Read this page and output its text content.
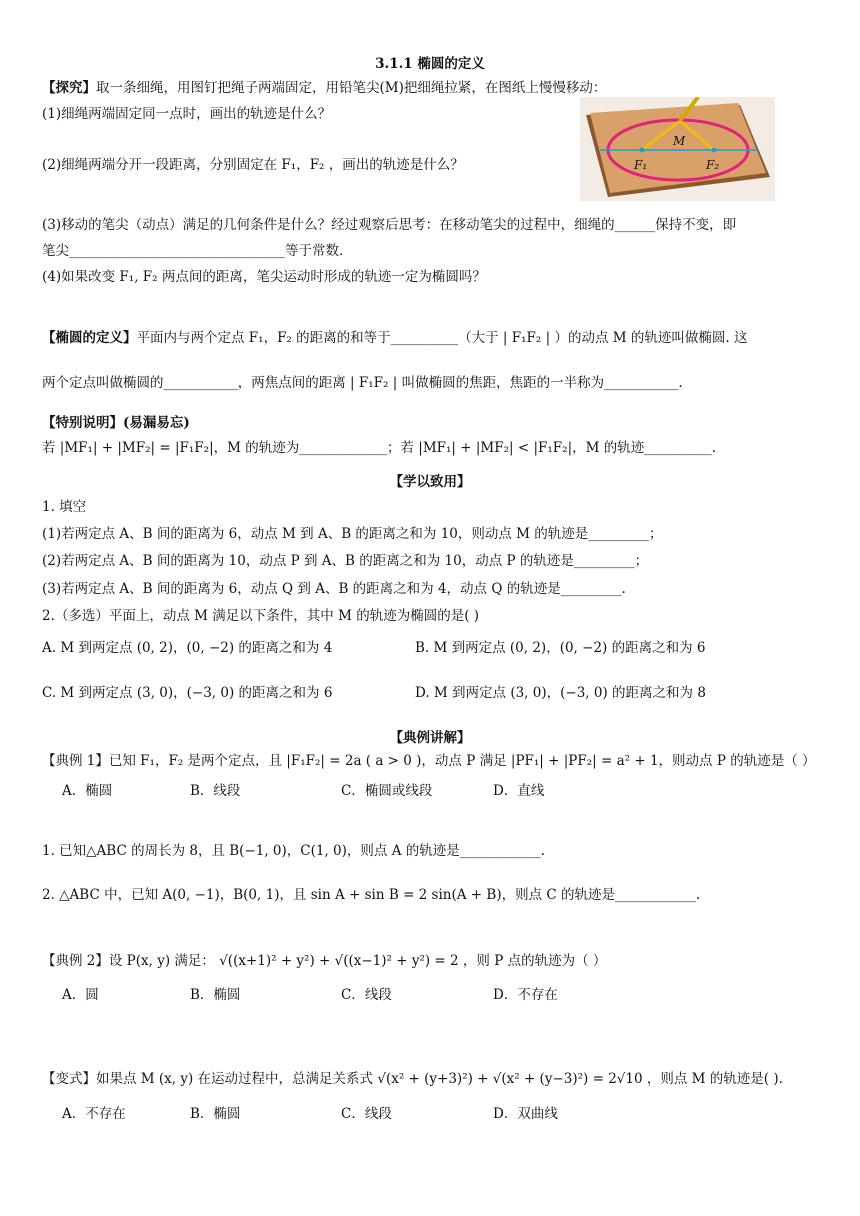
3.1.1 椭圆的定义
【探究】取一条细绳，用图钉把绳子两端固定，用铅笔尖(M)把细绳拉紧，在图纸上慢慢移动：
(1)细绳两端固定同一点时，画出的轨迹是什么？
(2)细绳两端分开一段距离，分别固定在 F₁，F₂ ，画出的轨迹是什么？
M
F₁	F₂
(3)移动的笔尖（动点）满足的几何条件是什么？经过观察后思考：在移动笔尖的过程中，细绳的______保持不变，即
笔尖________________________________等于常数．
(4)如果改变 F₁, F₂ 两点间的距离，笔尖运动时形成的轨迹一定为椭圆吗？
【椭圆的定义】平面内与两个定点 F₁，F₂ 的距离的和等于__________（大于 | F₁F₂ | ）的动点 M 的轨迹叫做椭圆. 这
两个定点叫做椭圆的___________，两焦点间的距离 | F₁F₂ | 叫做椭圆的焦距，焦距的一半称为___________.
【特别说明】(易漏易忘)
若 |MF₁| + |MF₂| = |F₁F₂|，M 的轨迹为_____________；若 |MF₁| + |MF₂| < |F₁F₂|，M 的轨迹__________.
【学以致用】
1. 填空
(1)若两定点 A、B 间的距离为 6，动点 M 到 A、B 的距离之和为 10，则动点 M 的轨迹是_________；
(2)若两定点 A、B 间的距离为 10，动点 P 到 A、B 的距离之和为 10，动点 P 的轨迹是_________；
(3)若两定点 A、B 间的距离为 6，动点 Q 到 A、B 的距离之和为 4，动点 Q 的轨迹是_________.
2.（多选）平面上，动点 M 满足以下条件，其中 M 的轨迹为椭圆的是( )
A. M 到两定点 (0, 2)，(0, −2) 的距离之和为 4	B. M 到两定点 (0, 2)，(0, −2) 的距离之和为 6
C. M 到两定点 (3, 0)，(−3, 0) 的距离之和为 6	D. M 到两定点 (3, 0)，(−3, 0) 的距离之和为 8
【典例讲解】
【典例 1】已知 F₁，F₂ 是两个定点，且 |F₁F₂| = 2a ( a > 0 )，动点 P 满足 |PF₁| + |PF₂| = a² + 1，则动点 P 的轨迹是（ ）
A．椭圆	B．线段	C．椭圆或线段	D．直线
1. 已知△ABC 的周长为 8，且 B(−1, 0)，C(1, 0)，则点 A 的轨迹是____________.
2. △ABC 中，已知 A(0, −1)，B(0, 1)，且 sin A + sin B = 2 sin(A + B)，则点 C 的轨迹是____________.
【典例 2】设 P(x, y) 满足： √((x+1)² + y²) + √((x−1)² + y²) = 2 ，则 P 点的轨迹为（ ）
A．圆	B．椭圆	C．线段	D．不存在
【变式】如果点 M (x, y) 在运动过程中，总满足关系式 √(x² + (y+3)²) + √(x² + (y−3)²) = 2√10 ，则点 M 的轨迹是( ).
A．不存在	B．椭圆	C．线段	D．双曲线
